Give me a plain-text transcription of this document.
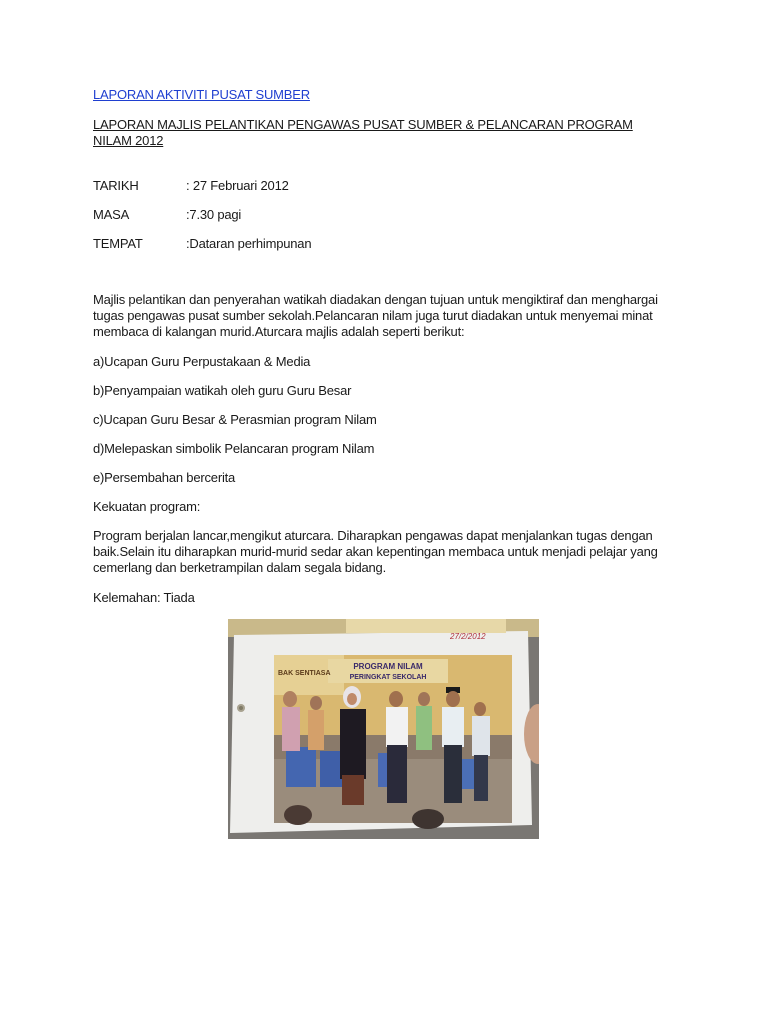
LAPORAN AKTIVITI PUSAT SUMBER
LAPORAN MAJLIS PELANTIKAN PENGAWAS PUSAT SUMBER & PELANCARAN PROGRAM NILAM 2012
TARIKH	: 27 Februari 2012
MASA	:7.30 pagi
TEMPAT	:Dataran perhimpunan
Majlis pelantikan dan penyerahan watikah diadakan dengan tujuan untuk mengiktiraf dan menghargai tugas pengawas pusat sumber sekolah.Pelancaran nilam juga turut diadakan untuk menyemai minat membaca di kalangan murid.Aturcara majlis adalah seperti berikut:
a)Ucapan Guru Perpustakaan & Media
b)Penyampaian watikah oleh guru Guru Besar
c)Ucapan Guru Besar & Perasmian program Nilam
d)Melepaskan simbolik Pelancaran program Nilam
e)Persembahan bercerita
Kekuatan program:
Program berjalan lancar,mengikut aturcara. Diharapkan pengawas dapat menjalankan tugas dengan baik.Selain itu diharapkan murid-murid sedar akan kepentingan membaca untuk menjadi pelajar yang cemerlang dan berketrampilan dalam segala bidang.
Kelemahan: Tiada
27/2/2012
PROGRAM NILAM
PERINGKAT SEKOLAH
BAK SENTIASA
